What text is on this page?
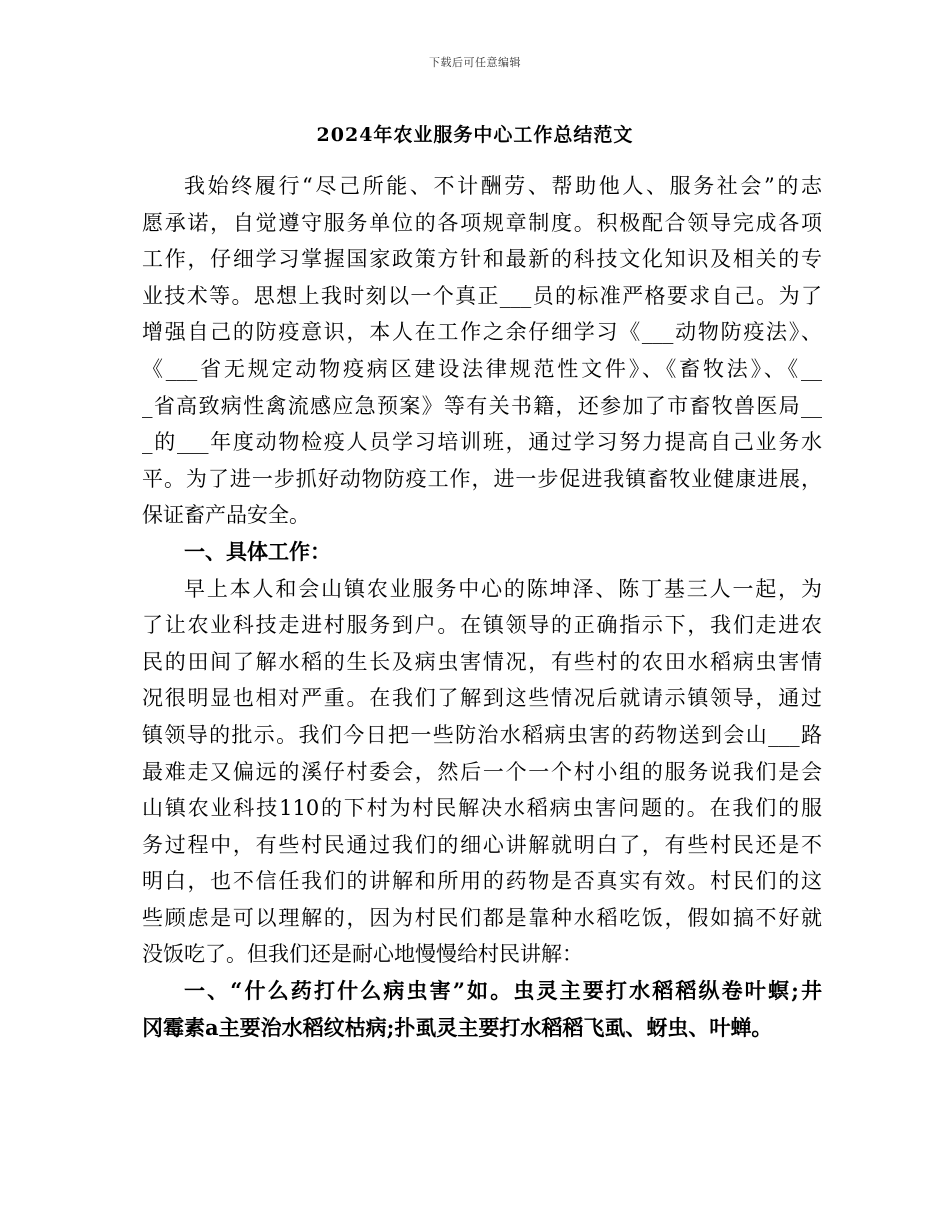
下载后可任意编辑
2024年农业服务中心工作总结范文
我始终履行“尽己所能、不计酬劳、帮助他人、服务社会”的志
愿承诺，自觉遵守服务单位的各项规章制度。积极配合领导完成各项
工作，仔细学习掌握国家政策方针和最新的科技文化知识及相关的专
业技术等。思想上我时刻以一个真正___员的标准严格要求自己。为了
增强自己的防疫意识，本人在工作之余仔细学习《___动物防疫法》、
《___省无规定动物疫病区建设法律规范性文件》、《畜牧法》、《__
_省高致病性禽流感应急预案》等有关书籍，还参加了市畜牧兽医局__
_的___年度动物检疫人员学习培训班，通过学习努力提高自己业务水
平。为了进一步抓好动物防疫工作，进一步促进我镇畜牧业健康进展，
保证畜产品安全。
一、具体工作：
早上本人和会山镇农业服务中心的陈坤泽、陈丁基三人一起，为
了让农业科技走进村服务到户。在镇领导的正确指示下，我们走进农
民的田间了解水稻的生长及病虫害情况，有些村的农田水稻病虫害情
况很明显也相对严重。在我们了解到这些情况后就请示镇领导，通过
镇领导的批示。我们今日把一些防治水稻病虫害的药物送到会山___路
最难走又偏远的溪仔村委会，然后一个一个村小组的服务说我们是会
山镇农业科技110的下村为村民解决水稻病虫害问题的。在我们的服
务过程中，有些村民通过我们的细心讲解就明白了，有些村民还是不
明白，也不信任我们的讲解和所用的药物是否真实有效。村民们的这
些顾虑是可以理解的，因为村民们都是靠种水稻吃饭，假如搞不好就
没饭吃了。但我们还是耐心地慢慢给村民讲解：
一、“什么药打什么病虫害”如。虫灵主要打水稻稻纵卷叶螟;井
冈霉素a主要治水稻纹枯病;扑虱灵主要打水稻稻飞虱、蚜虫、叶蝉。
